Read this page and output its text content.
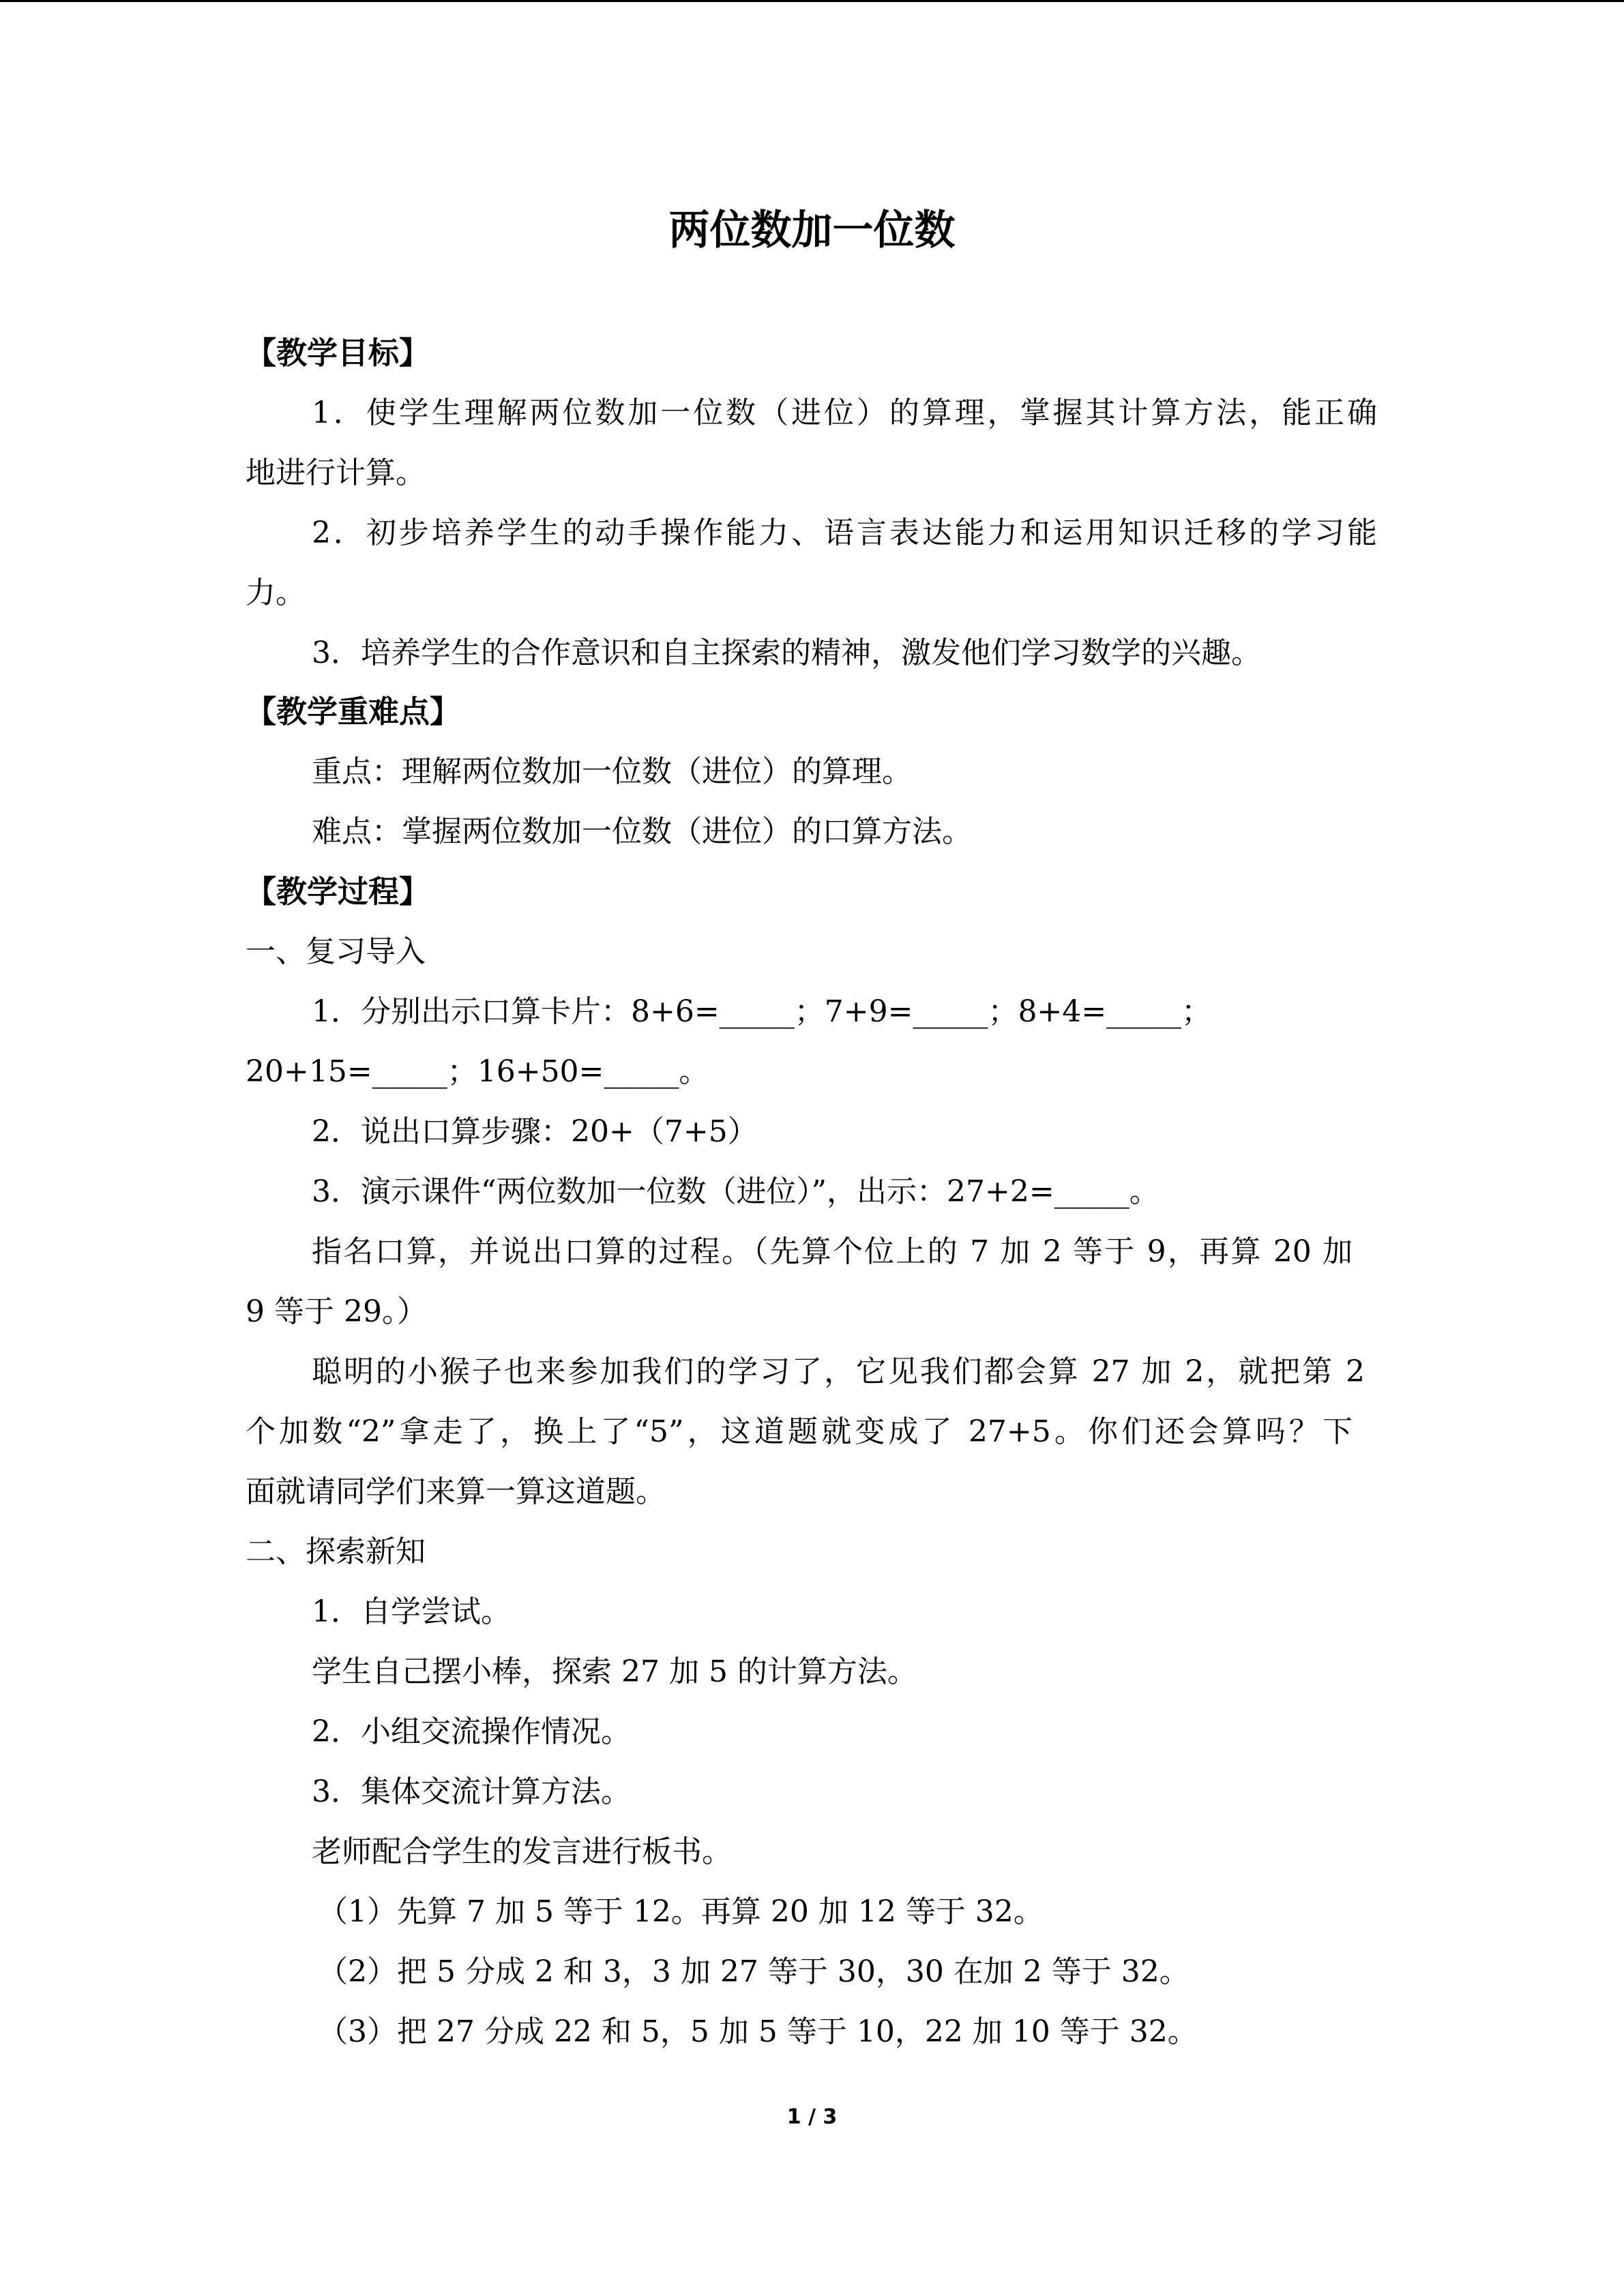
两位数加一位数
【教学目标】
1．使学生理解两位数加一位数（进位）的算理，掌握其计算方法，能正确
地进行计算。
2．初步培养学生的动手操作能力、语言表达能力和运用知识迁移的学习能
力。
3．培养学生的合作意识和自主探索的精神，激发他们学习数学的兴趣。
【教学重难点】
重点：理解两位数加一位数（进位）的算理。
难点：掌握两位数加一位数（进位）的口算方法。
【教学过程】
一、复习导入
1．分别出示口算卡片：8+6=_____；7+9=_____；8+4=_____；
20+15=_____；16+50=_____。
2．说出口算步骤：20+（7+5）
3．演示课件“两位数加一位数（进位）”，出示：27+2=_____。
指名口算，并说出口算的过程。（先算个位上的 7 加 2 等于 9，再算 20 加
9 等于 29。）
聪明的小猴子也来参加我们的学习了，它见我们都会算 27 加 2，就把第 2
个加数“2”拿走了，换上了“5”，这道题就变成了 27+5。你们还会算吗？下
面就请同学们来算一算这道题。
二、探索新知
1．自学尝试。
学生自己摆小棒，探索 27 加 5 的计算方法。
2．小组交流操作情况。
3．集体交流计算方法。
老师配合学生的发言进行板书。
（1）先算 7 加 5 等于 12。再算 20 加 12 等于 32。
（2）把 5 分成 2 和 3，3 加 27 等于 30，30 在加 2 等于 32。
（3）把 27 分成 22 和 5，5 加 5 等于 10，22 加 10 等于 32。
1 / 3
